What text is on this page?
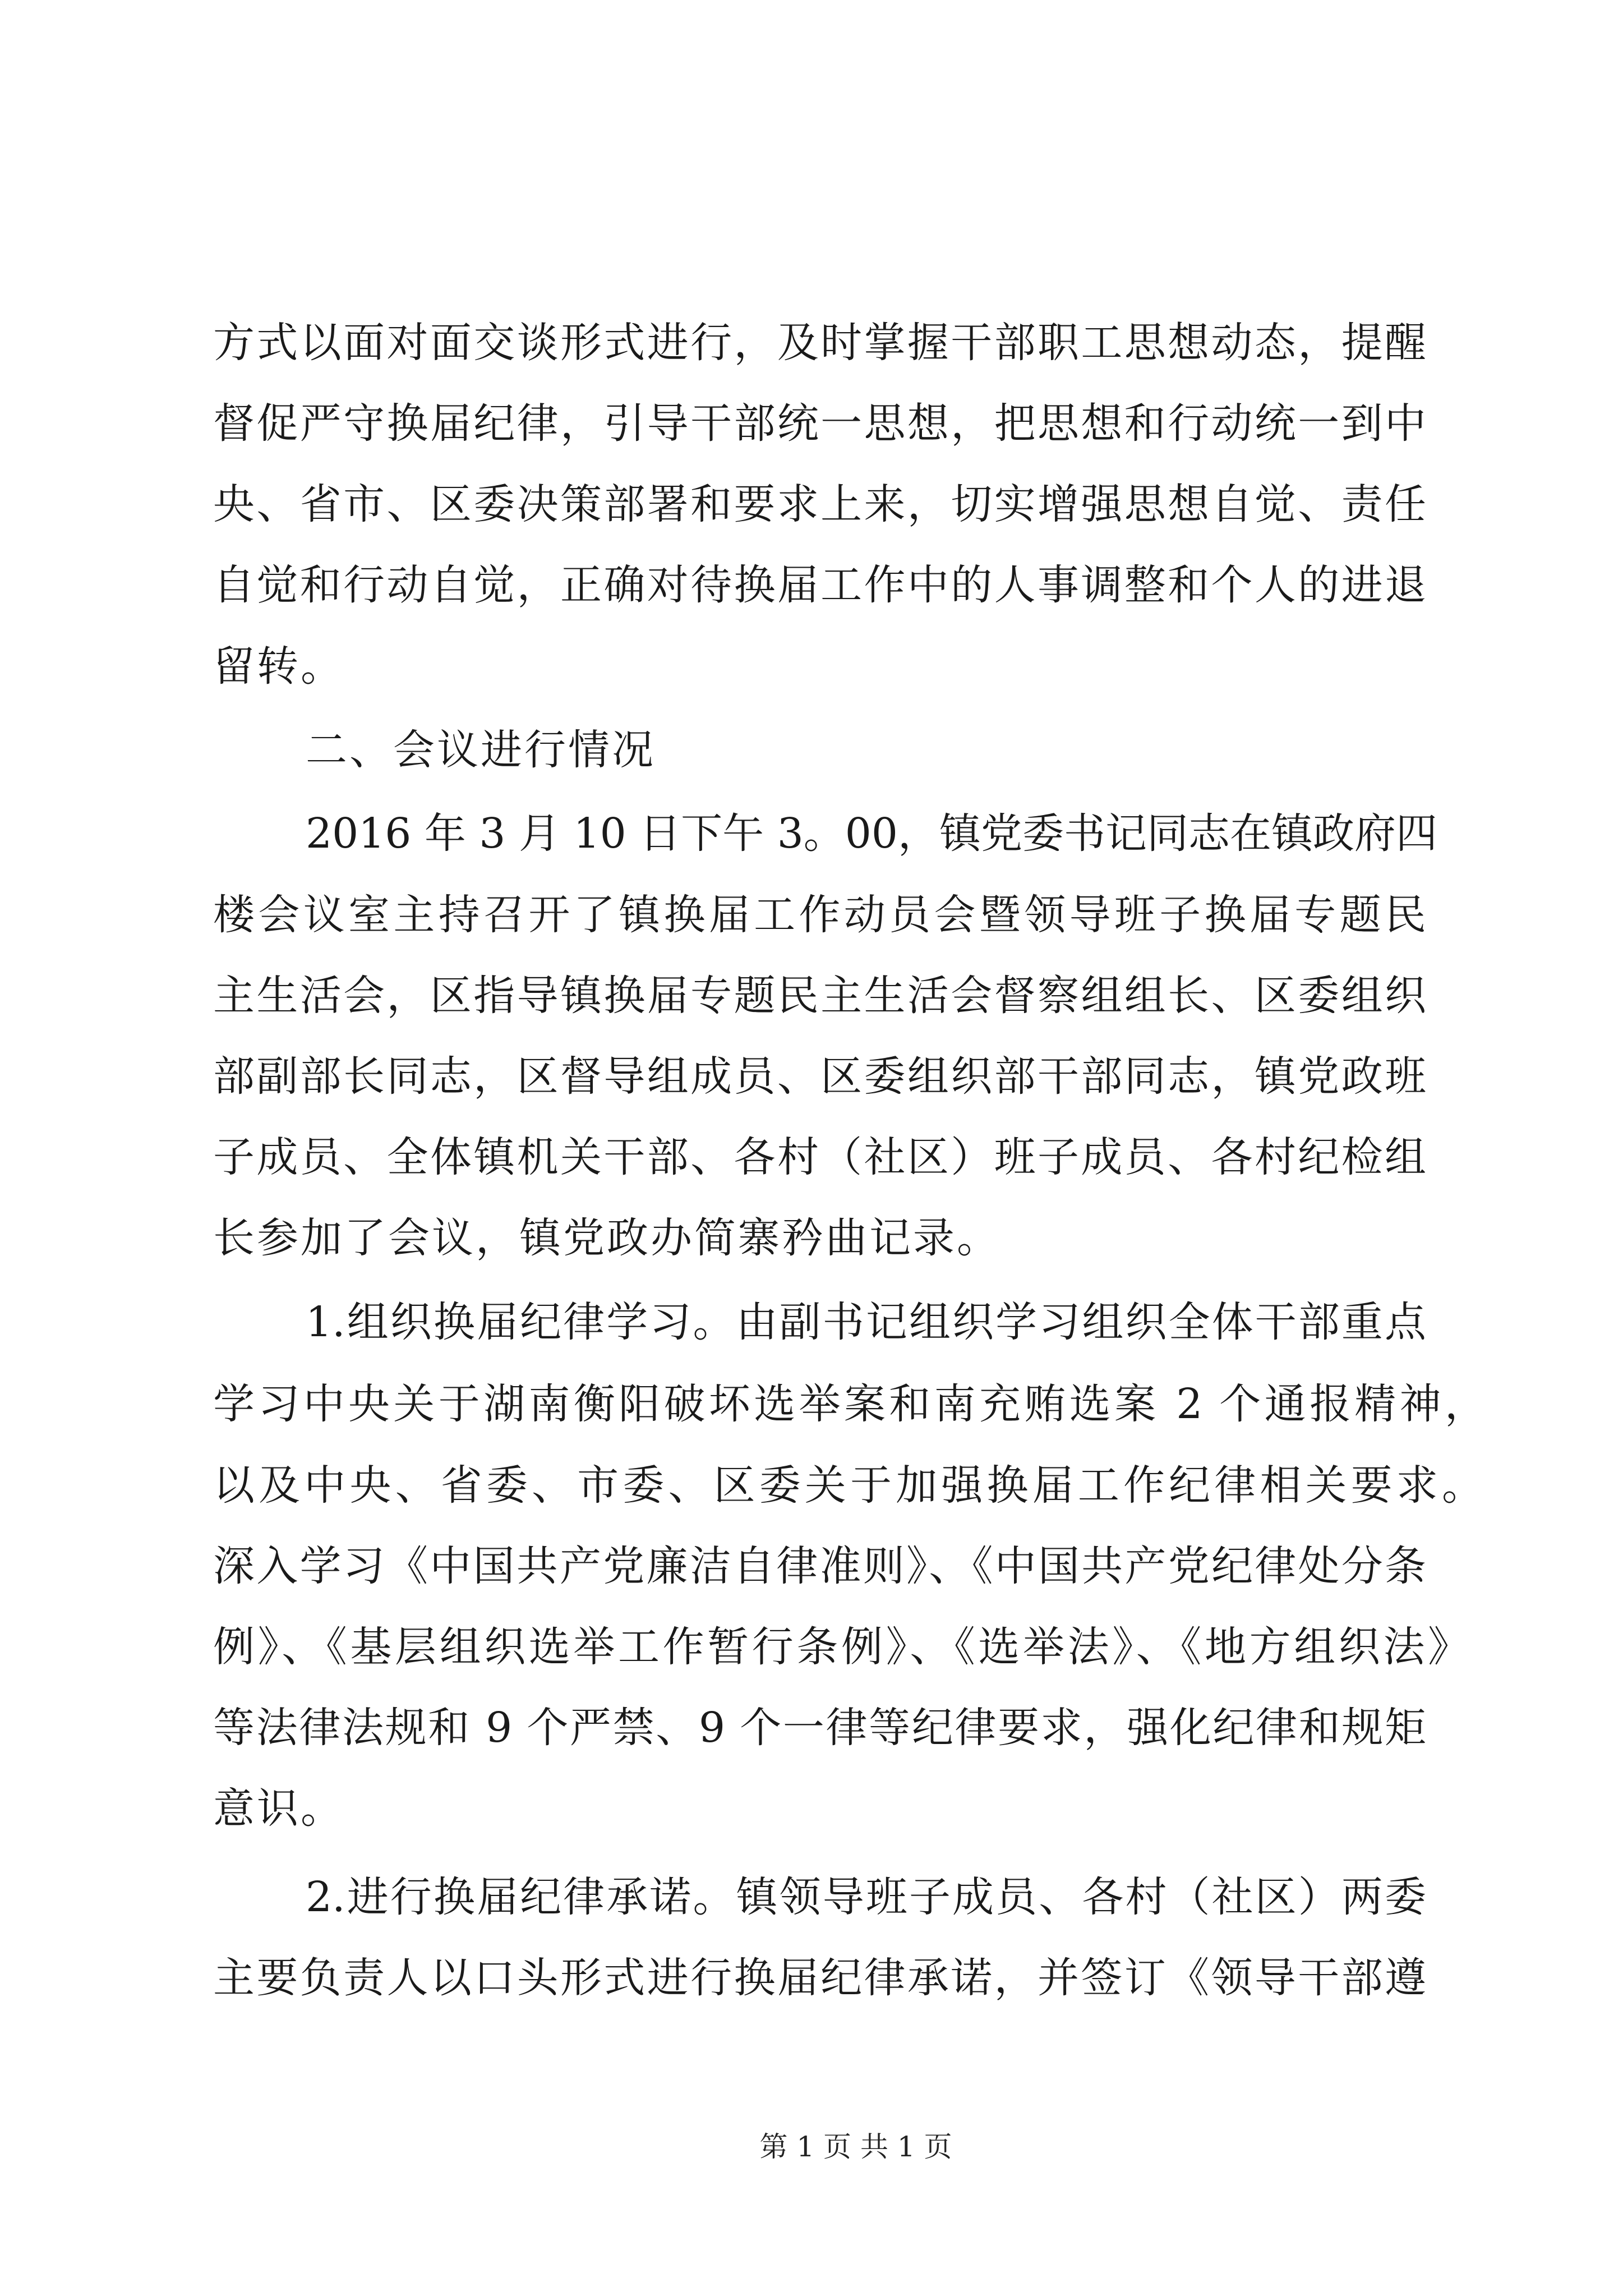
方式以面对面交谈形式进行，及时掌握干部职工思想动态，提醒
督促严守换届纪律，引导干部统一思想，把思想和行动统一到中
央、省市、区委决策部署和要求上来，切实增强思想自觉、责任
自觉和行动自觉，正确对待换届工作中的人事调整和个人的进退
留转。
二、会议进行情况
2016 年 3 月 10 日下午 3。00，镇党委书记同志在镇政府四
楼会议室主持召开了镇换届工作动员会暨领导班子换届专题民
主生活会，区指导镇换届专题民主生活会督察组组长、区委组织
部副部长同志，区督导组成员、区委组织部干部同志，镇党政班
子成员、全体镇机关干部、各村（社区）班子成员、各村纪检组
长参加了会议，镇党政办简寨矜曲记录。
1.组织换届纪律学习。由副书记组织学习组织全体干部重点
学习中央关于湖南衡阳破坏选举案和南充贿选案 2 个通报精神，
以及中央、省委、市委、区委关于加强换届工作纪律相关要求。
深入学习《中国共产党廉洁自律准则》、《中国共产党纪律处分条
例》、《基层组织选举工作暂行条例》、《选举法》、《地方组织法》
等法律法规和 9 个严禁、9 个一律等纪律要求，强化纪律和规矩
意识。
2.进行换届纪律承诺。镇领导班子成员、各村（社区）两委
主要负责人以口头形式进行换届纪律承诺，并签订《领导干部遵
第 1 页 共 1 页
